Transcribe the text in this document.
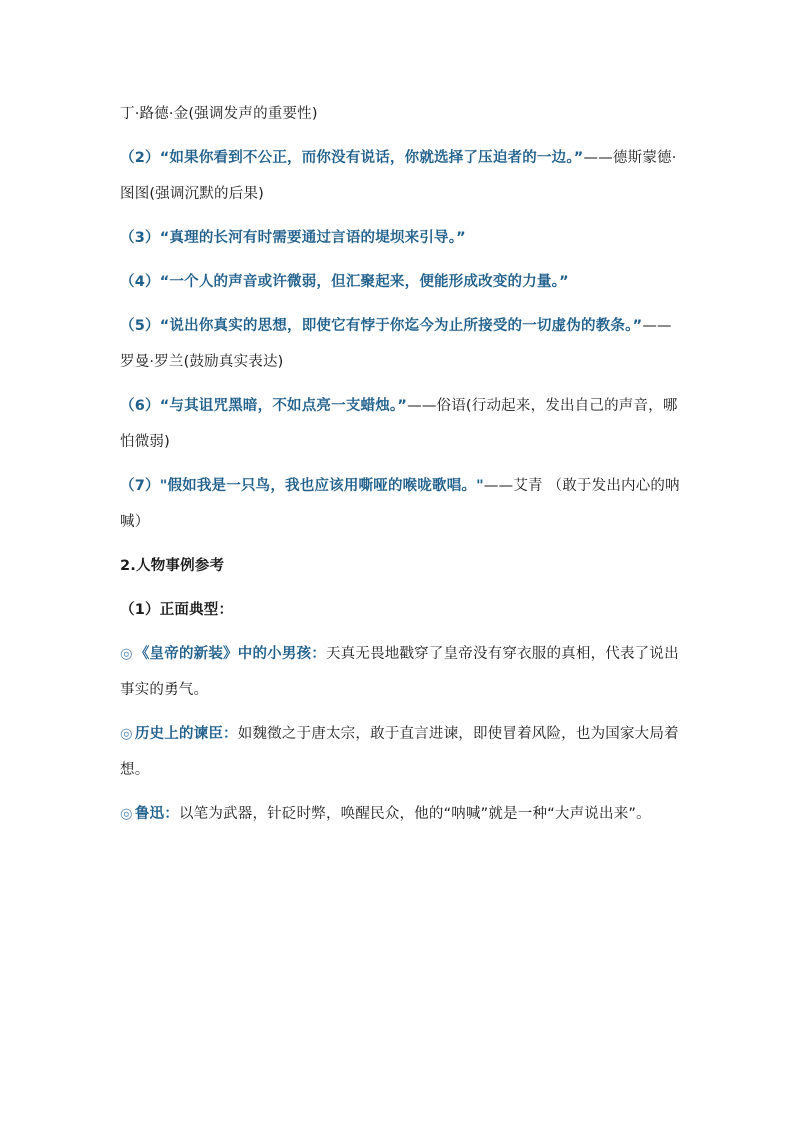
丁·路德·金(强调发声的重要性)

（2）“如果你看到不公正，而你没有说话，你就选择了压迫者的一边。”——德斯蒙德·图图(强调沉默的后果)

（3）“真理的长河有时需要通过言语的堤坝来引导。”

（4）“一个人的声音或许微弱，但汇聚起来，便能形成改变的力量。”

（5）“说出你真实的思想，即使它有悖于你迄今为止所接受的一切虚伪的教条。”——罗曼·罗兰(鼓励真实表达)

（6）“与其诅咒黑暗，不如点亮一支蜡烛。”——俗语(行动起来，发出自己的声音，哪怕微弱)

（7）"假如我是一只鸟，我也应该用嘶哑的喉咙歌唱。"——艾青 （敢于发出内心的呐喊）

2.人物事例参考

（1）正面典型：

◎ 《皇帝的新装》中的小男孩：天真无畏地戳穿了皇帝没有穿衣服的真相，代表了说出事实的勇气。

◎ 历史上的谏臣：如魏徵之于唐太宗，敢于直言进谏，即使冒着风险，也为国家大局着想。

◎ 鲁迅：以笔为武器，针砭时弊，唤醒民众，他的“呐喊”就是一种“大声说出来”。
